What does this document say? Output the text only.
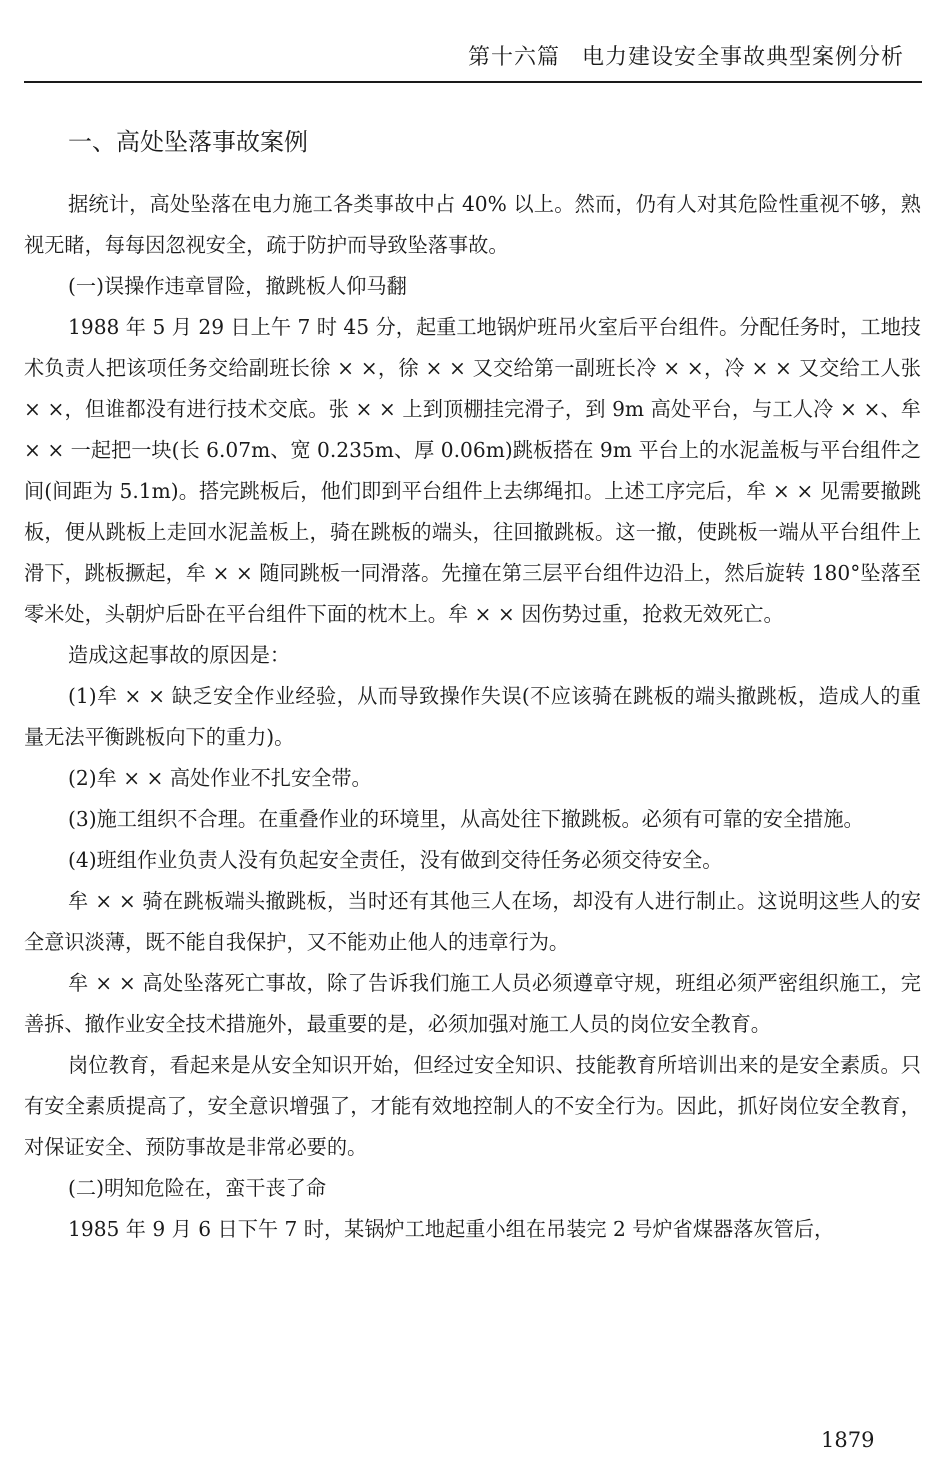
第十六篇 电力建设安全事故典型案例分析
一、高处坠落事故案例

据统计，高处坠落在电力施工各类事故中占 40% 以上。然而，仍有人对其危险性重视不够，熟视无睹，每每因忽视安全，疏于防护而导致坠落事故。

(一)误操作违章冒险，撤跳板人仰马翻

1988 年 5 月 29 日上午 7 时 45 分，起重工地锅炉班吊火室后平台组件。分配任务时，工地技术负责人把该项任务交给副班长徐 × ×，徐 × × 又交给第一副班长冷 × ×，冷 × × 又交给工人张 × ×，但谁都没有进行技术交底。张 × × 上到顶棚挂完滑子，到 9m 高处平台，与工人冷 × ×、牟 × × 一起把一块(长 6.07m、宽 0.235m、厚 0.06m)跳板搭在 9m 平台上的水泥盖板与平台组件之间(间距为 5.1m)。搭完跳板后，他们即到平台组件上去绑绳扣。上述工序完后，牟 × × 见需要撤跳板，便从跳板上走回水泥盖板上，骑在跳板的端头，往回撤跳板。这一撤，使跳板一端从平台组件上滑下，跳板撅起，牟 × × 随同跳板一同滑落。先撞在第三层平台组件边沿上，然后旋转 180°坠落至零米处，头朝炉后卧在平台组件下面的枕木上。牟 × × 因伤势过重，抢救无效死亡。

造成这起事故的原因是：

(1)牟 × × 缺乏安全作业经验，从而导致操作失误(不应该骑在跳板的端头撤跳板，造成人的重量无法平衡跳板向下的重力)。

(2)牟 × × 高处作业不扎安全带。

(3)施工组织不合理。在重叠作业的环境里，从高处往下撤跳板。必须有可靠的安全措施。

(4)班组作业负责人没有负起安全责任，没有做到交待任务必须交待安全。

牟 × × 骑在跳板端头撤跳板，当时还有其他三人在场，却没有人进行制止。这说明这些人的安全意识淡薄，既不能自我保护，又不能劝止他人的违章行为。

牟 × × 高处坠落死亡事故，除了告诉我们施工人员必须遵章守规，班组必须严密组织施工，完善拆、撤作业安全技术措施外，最重要的是，必须加强对施工人员的岗位安全教育。

岗位教育，看起来是从安全知识开始，但经过安全知识、技能教育所培训出来的是安全素质。只有安全素质提高了，安全意识增强了，才能有效地控制人的不安全行为。因此，抓好岗位安全教育，对保证安全、预防事故是非常必要的。

(二)明知危险在，蛮干丧了命

1985 年 9 月 6 日下午 7 时，某锅炉工地起重小组在吊装完 2 号炉省煤器落灰管后，

1879
